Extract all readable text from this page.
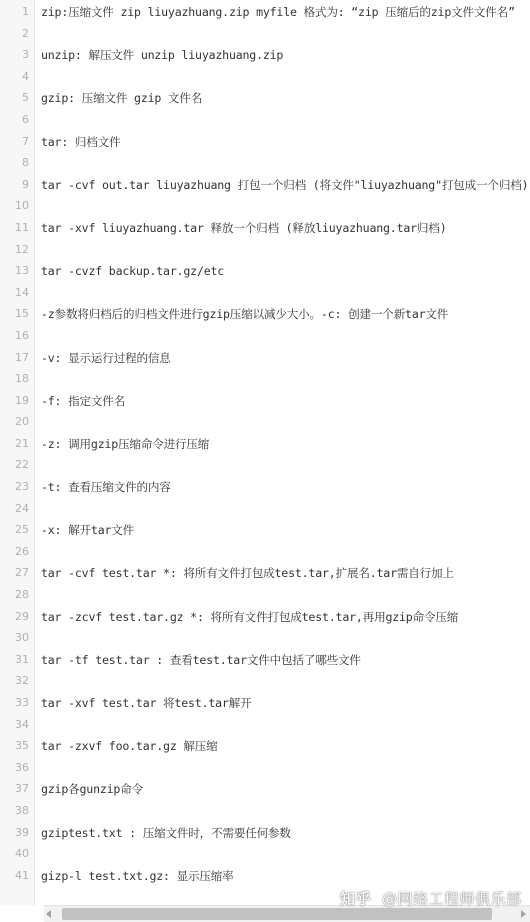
1 zip:压缩文件 zip liuyazhuang.zip myfile 格式为: “zip 压缩后的zip文件文件名”
2
3 unzip: 解压文件 unzip liuyazhuang.zip
4
5 gzip: 压缩文件 gzip 文件名
6
7 tar: 归档文件
8
9 tar -cvf out.tar liuyazhuang 打包一个归档 (将文件"liuyazhuang"打包成一个归档)
10
11 tar -xvf liuyazhuang.tar 释放一个归档 (释放liuyazhuang.tar归档)
12
13 tar -cvzf backup.tar.gz/etc
14
15 -z参数将归档后的归档文件进行gzip压缩以减少大小。-c: 创建一个新tar文件
16
17 -v: 显示运行过程的信息
18
19 -f: 指定文件名
20
21 -z: 调用gzip压缩命令进行压缩
22
23 -t: 查看压缩文件的内容
24
25 -x: 解开tar文件
26
27 tar -cvf test.tar *: 将所有文件打包成test.tar,扩展名.tar需自行加上
28
29 tar -zcvf test.tar.gz *: 将所有文件打包成test.tar,再用gzip命令压缩
30
31 tar -tf test.tar : 查看test.tar文件中包括了哪些文件
32
33 tar -xvf test.tar 将test.tar解开
34
35 tar -zxvf foo.tar.gz 解压缩
36
37 gzip各gunzip命令
38
39 gziptest.txt : 压缩文件时，不需要任何参数
40
41 gizp-l test.txt.gz: 显示压缩率
知乎 @网络工程师俱乐部
